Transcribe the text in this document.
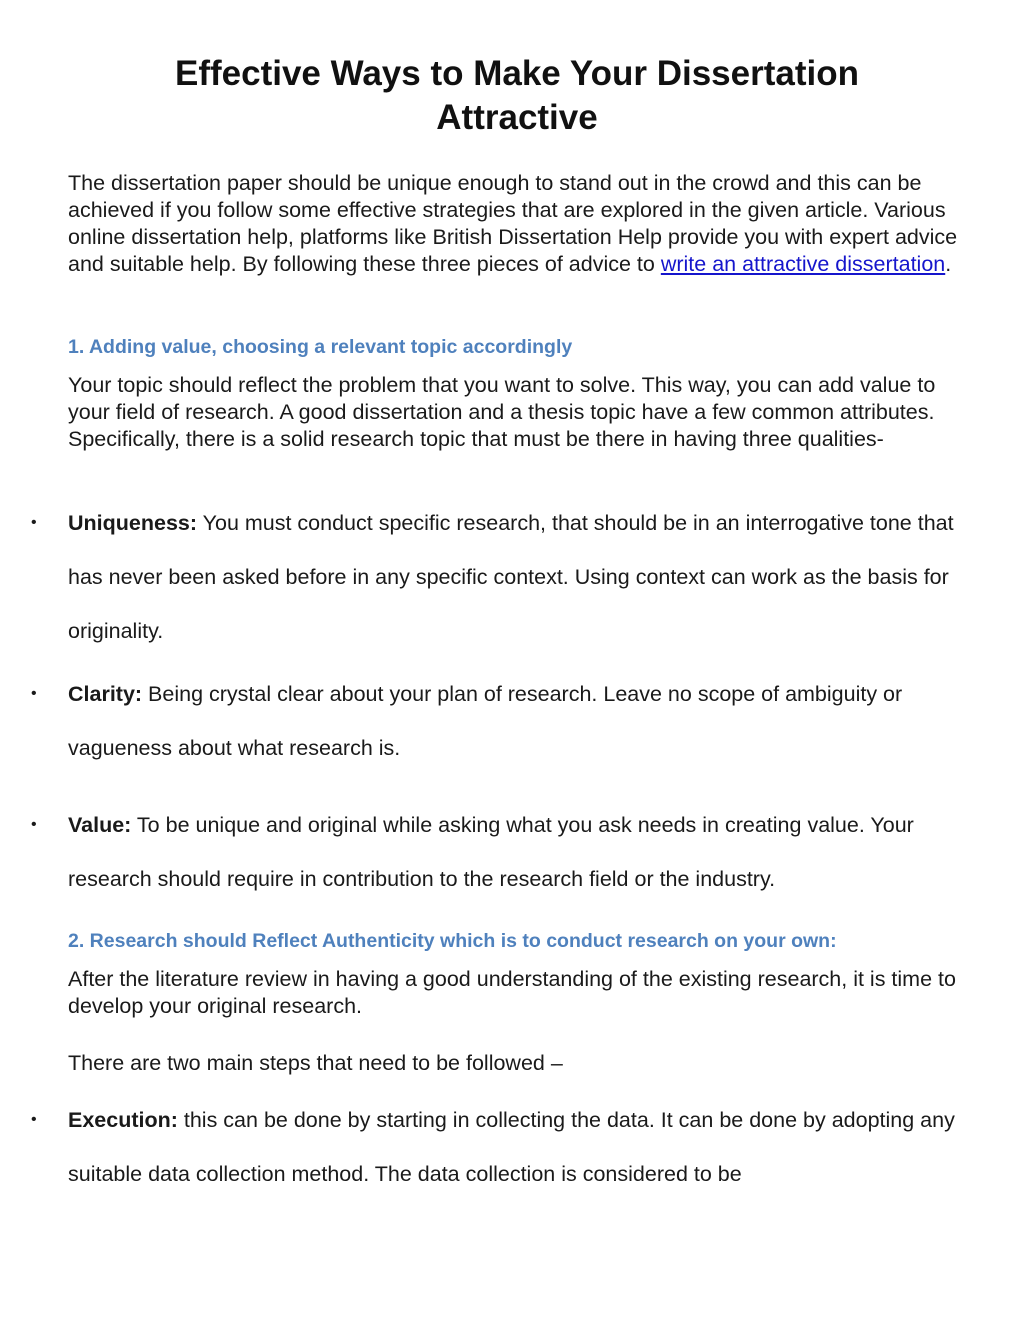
Effective Ways to Make Your Dissertation Attractive

The dissertation paper should be unique enough to stand out in the crowd and this can be achieved if you follow some effective strategies that are explored in the given article. Various online dissertation help, platforms like British Dissertation Help provide you with expert advice and suitable help. By following these three pieces of advice to write an attractive dissertation.

1. Adding value, choosing a relevant topic accordingly

Your topic should reflect the problem that you want to solve. This way, you can add value to your field of research. A good dissertation and a thesis topic have a few common attributes. Specifically, there is a solid research topic that must be there in having three qualities-

• Uniqueness: You must conduct specific research, that should be in an interrogative tone that has never been asked before in any specific context. Using context can work as the basis for originality.
• Clarity: Being crystal clear about your plan of research. Leave no scope of ambiguity or vagueness about what research is.
• Value: To be unique and original while asking what you ask needs in creating value. Your research should require in contribution to the research field or the industry.
2. Research should Reflect Authenticity which is to conduct research on your own:

After the literature review in having a good understanding of the existing research, it is time to develop your original research.

There are two main steps that need to be followed –

• Execution: this can be done by starting in collecting the data. It can be done by adopting any suitable data collection method. The data collection is considered to be
